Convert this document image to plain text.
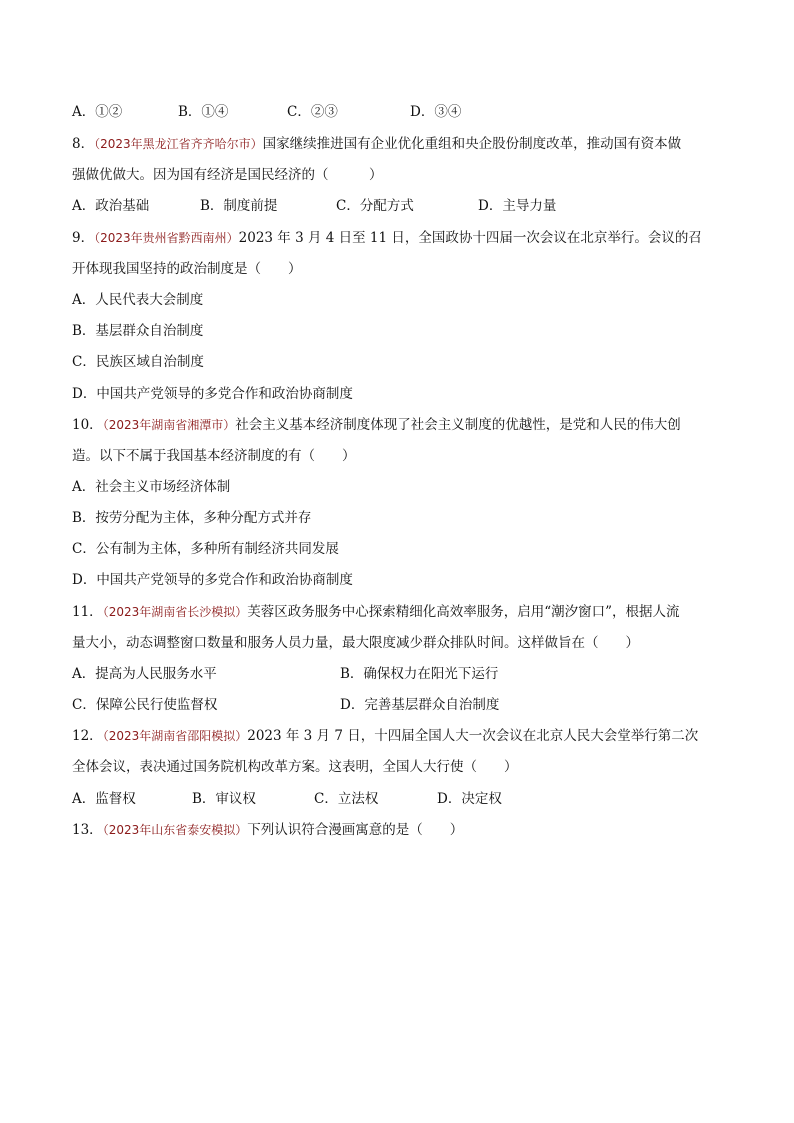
A．①②	B．①④	C．②③	D．③④
8．（2023年黑龙江省齐齐哈尔市）国家继续推进国有企业优化重组和央企股份制度改革，推动国有资本做
强做优做大。因为国有经济是国民经济的（　　　）
A．政治基础	B．制度前提	C．分配方式	D．主导力量
9．（2023年贵州省黔西南州）2023 年 3 月 4 日至 11 日，全国政协十四届一次会议在北京举行。会议的召
开体现我国坚持的政治制度是（　　）
A．人民代表大会制度
B．基层群众自治制度
C．民族区域自治制度
D．中国共产党领导的多党合作和政治协商制度
10．（2023年湖南省湘潭市）社会主义基本经济制度体现了社会主义制度的优越性，是党和人民的伟大创
造。以下不属于我国基本经济制度的有（　　）
A．社会主义市场经济体制
B．按劳分配为主体，多种分配方式并存
C．公有制为主体，多种所有制经济共同发展
D．中国共产党领导的多党合作和政治协商制度
11．（2023年湖南省长沙模拟）芙蓉区政务服务中心探索精细化高效率服务，启用“潮汐窗口”，根据人流
量大小，动态调整窗口数量和服务人员力量，最大限度减少群众排队时间。这样做旨在（　　）
A．提高为人民服务水平	B．确保权力在阳光下运行
C．保障公民行使监督权	D．完善基层群众自治制度
12．（2023年湖南省邵阳模拟）2023 年 3 月 7 日，十四届全国人大一次会议在北京人民大会堂举行第二次
全体会议，表决通过国务院机构改革方案。这表明，全国人大行使（　　）
A．监督权	B．审议权	C．立法权	D．决定权
13．（2023年山东省泰安模拟）下列认识符合漫画寓意的是（　　）
